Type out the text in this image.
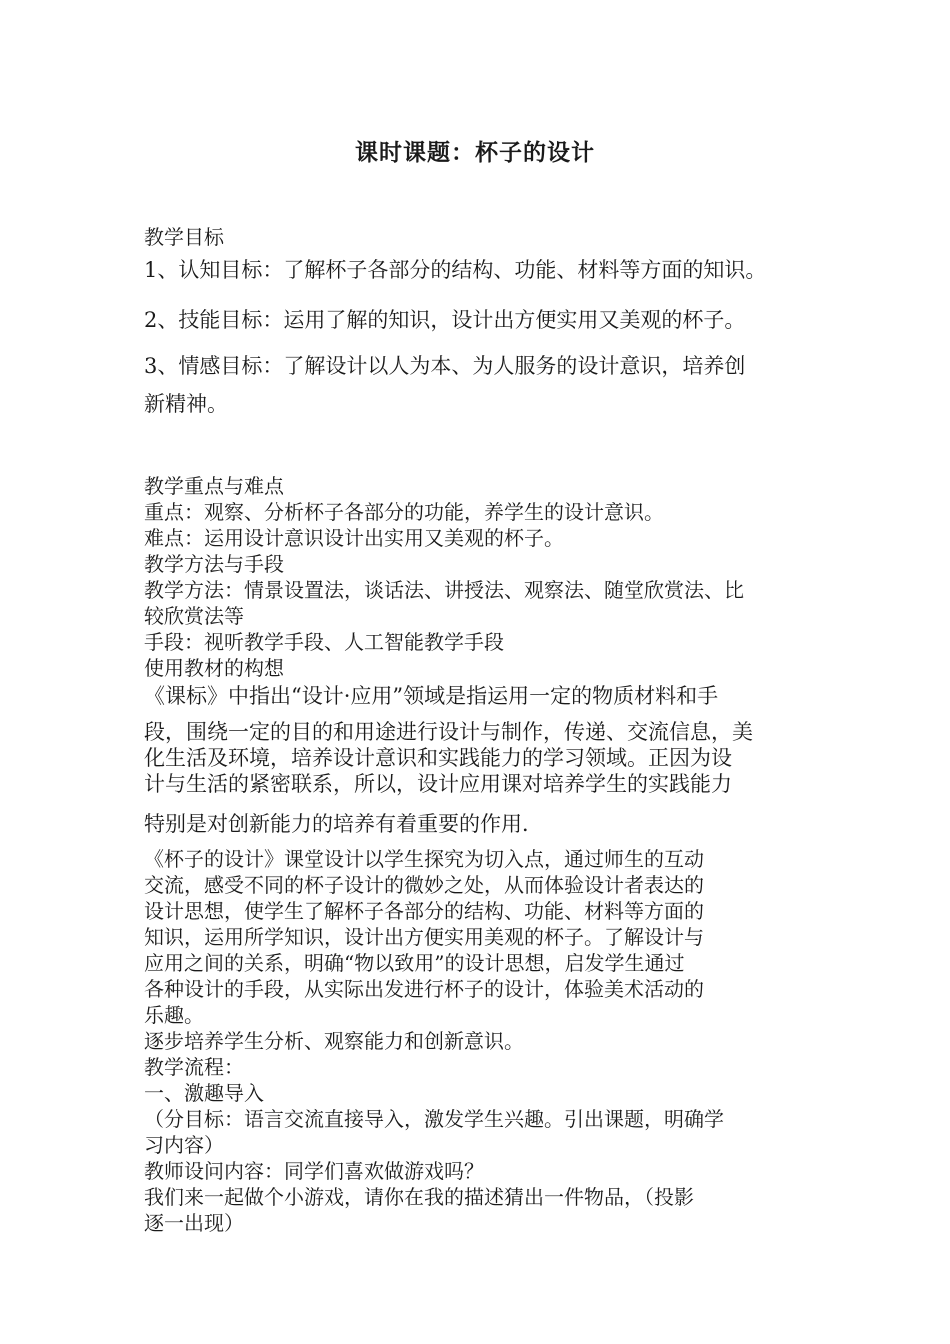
课时课题：杯子的设计
教学目标
1、认知目标：了解杯子各部分的结构、功能、材料等方面的知识。
2、技能目标：运用了解的知识，设计出方便实用又美观的杯子。
3、情感目标：了解设计以人为本、为人服务的设计意识，培养创
新精神。
教学重点与难点
重点：观察、分析杯子各部分的功能，养学生的设计意识。
难点：运用设计意识设计出实用又美观的杯子。
教学方法与手段
教学方法：情景设置法，谈话法、讲授法、观察法、随堂欣赏法、比
较欣赏法等
手段：视听教学手段、人工智能教学手段
使用教材的构想
《课标》中指出“设计·应用”领域是指运用一定的物质材料和手
段，围绕一定的目的和用途进行设计与制作，传递、交流信息，美
化生活及环境，培养设计意识和实践能力的学习领域。正因为设
计与生活的紧密联系，所以，设计应用课对培养学生的实践能力
特别是对创新能力的培养有着重要的作用．
《杯子的设计》课堂设计以学生探究为切入点，通过师生的互动
交流，感受不同的杯子设计的微妙之处，从而体验设计者表达的
设计思想，使学生了解杯子各部分的结构、功能、材料等方面的
知识，运用所学知识，设计出方便实用美观的杯子。了解设计与
应用之间的关系，明确“物以致用”的设计思想，启发学生通过
各种设计的手段，从实际出发进行杯子的设计，体验美术活动的
乐趣。
逐步培养学生分析、观察能力和创新意识。
教学流程：
一、激趣导入
（分目标：语言交流直接导入，激发学生兴趣。引出课题，明确学
习内容）
教师设问内容：同学们喜欢做游戏吗？
我们来一起做个小游戏，请你在我的描述猜出一件物品，（投影
逐一出现）
